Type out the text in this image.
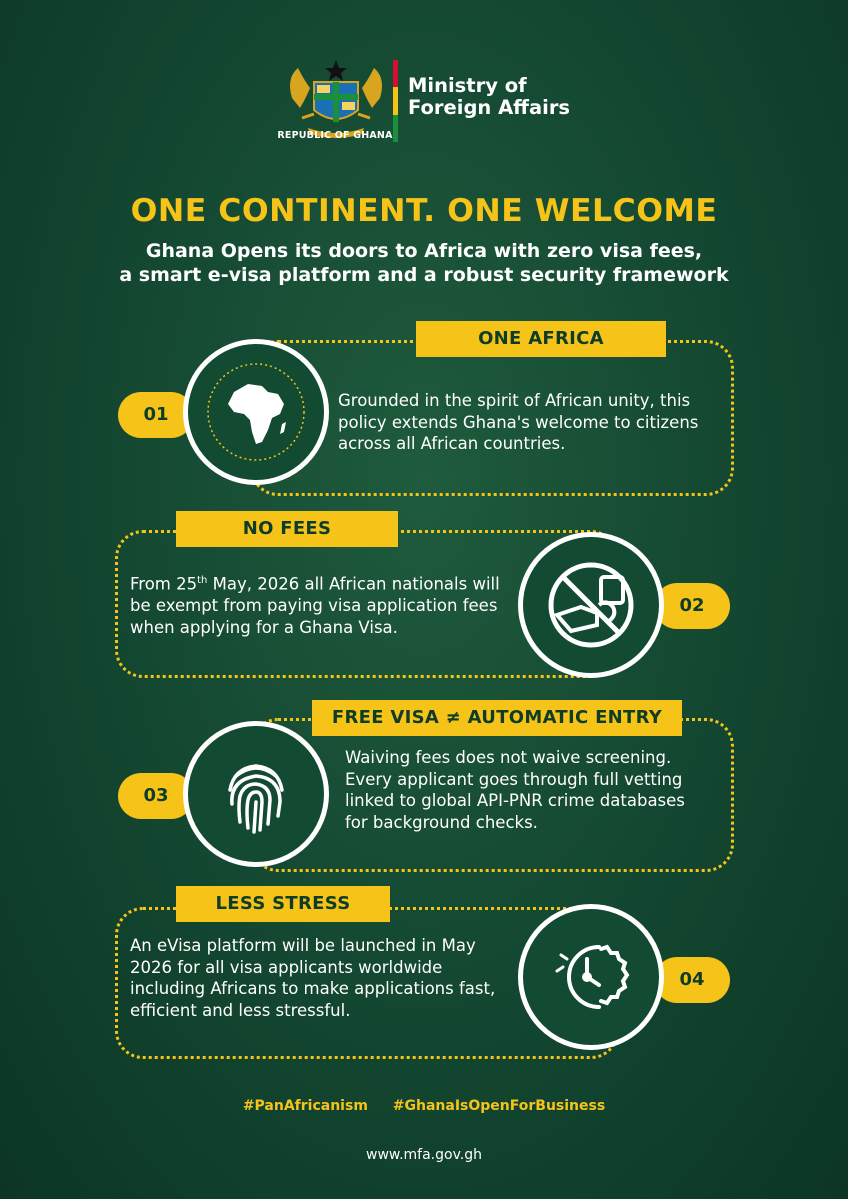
REPUBLIC OF GHANA
Ministry of
Foreign Affairs
ONE CONTINENT. ONE WELCOME
Ghana Opens its doors to Africa with zero visa fees,
a smart e-visa platform and a robust security framework
ONE AFRICA
01
Grounded in the spirit of African unity, this policy extends Ghana's welcome to citizens across all African countries.
NO FEES
02
From 25th May, 2026 all African nationals will be exempt from paying visa application fees when applying for a Ghana Visa.
FREE VISA ≠ AUTOMATIC ENTRY
03
Waiving fees does not waive screening. Every applicant goes through full vetting linked to global API-PNR crime databases for background checks.
LESS STRESS
04
An eVisa platform will be launched in May 2026 for all visa applicants worldwide including Africans to make applications fast, efficient and less stressful.
#PanAfricanism #GhanaIsOpenForBusiness
www.mfa.gov.gh
